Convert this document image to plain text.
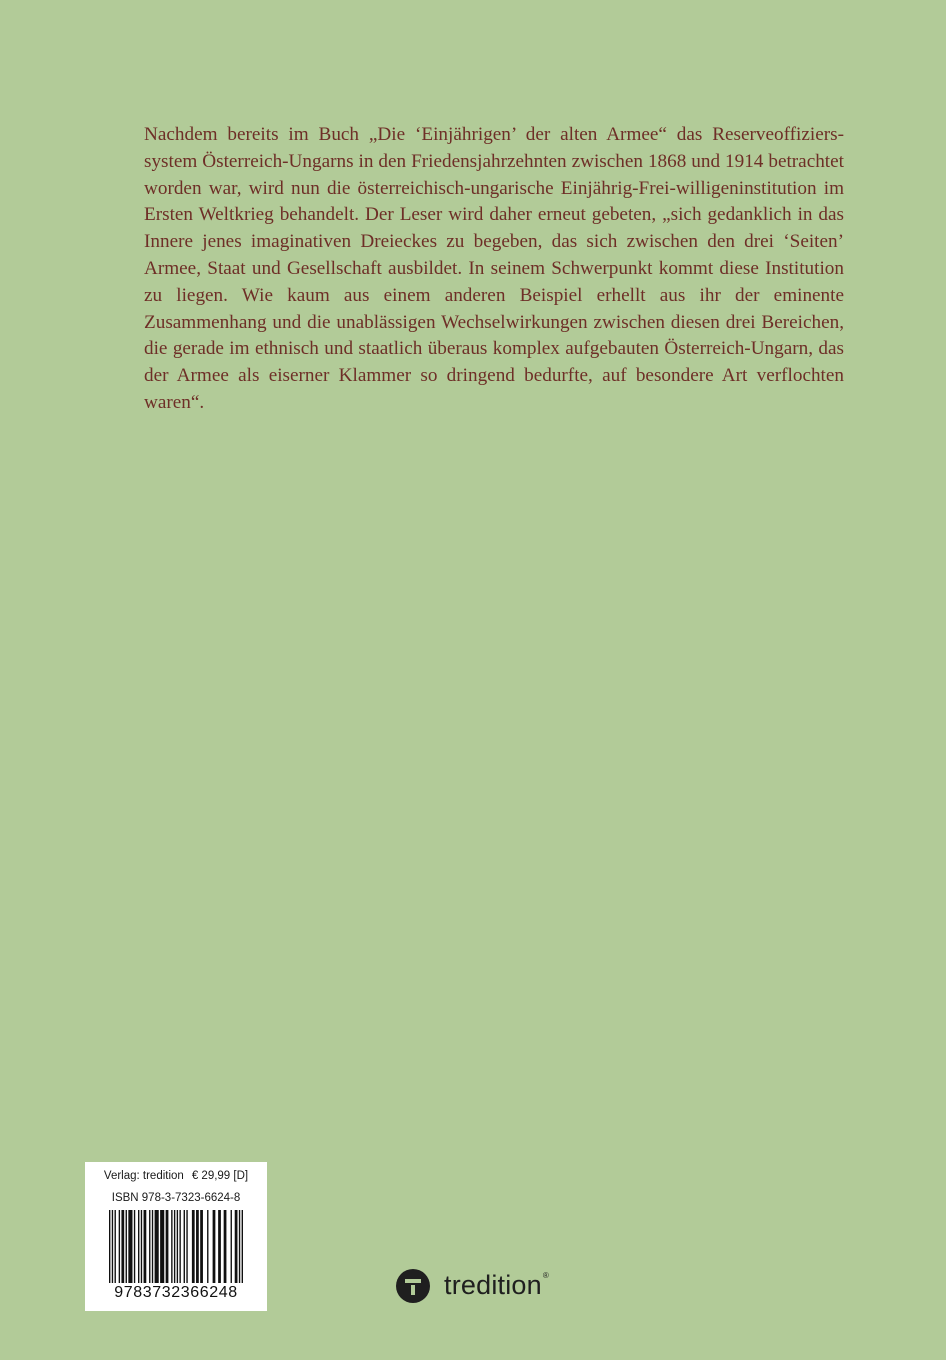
Nachdem bereits im Buch „Die ‘Einjährigen’ der alten Armee“ das Reserveoffiziers-system Österreich-Ungarns in den Friedensjahrzehnten zwischen 1868 und 1914 betrachtet worden war, wird nun die österreichisch-ungarische Einjährig-Frei-willigeninstitution im Ersten Weltkrieg behandelt. Der Leser wird daher erneut gebeten, „sich gedanklich in das Innere jenes imaginativen Dreieckes zu begeben, das sich zwischen den drei ‘Seiten’ Armee, Staat und Gesellschaft ausbildet. In seinem Schwerpunkt kommt diese Institution zu liegen. Wie kaum aus einem anderen Beispiel erhellt aus ihr der eminente Zusammenhang und die unablässigen Wechselwirkungen zwischen diesen drei Bereichen, die gerade im ethnisch und staatlich überaus komplex aufgebauten Österreich-Ungarn, das der Armee als eiserner Klammer so dringend bedurfte, auf besondere Art verflochten waren“.

Verlag: tredition € 29,99 [D]
ISBN 978-3-7323-6624-8
9783732366248	tredition ®
